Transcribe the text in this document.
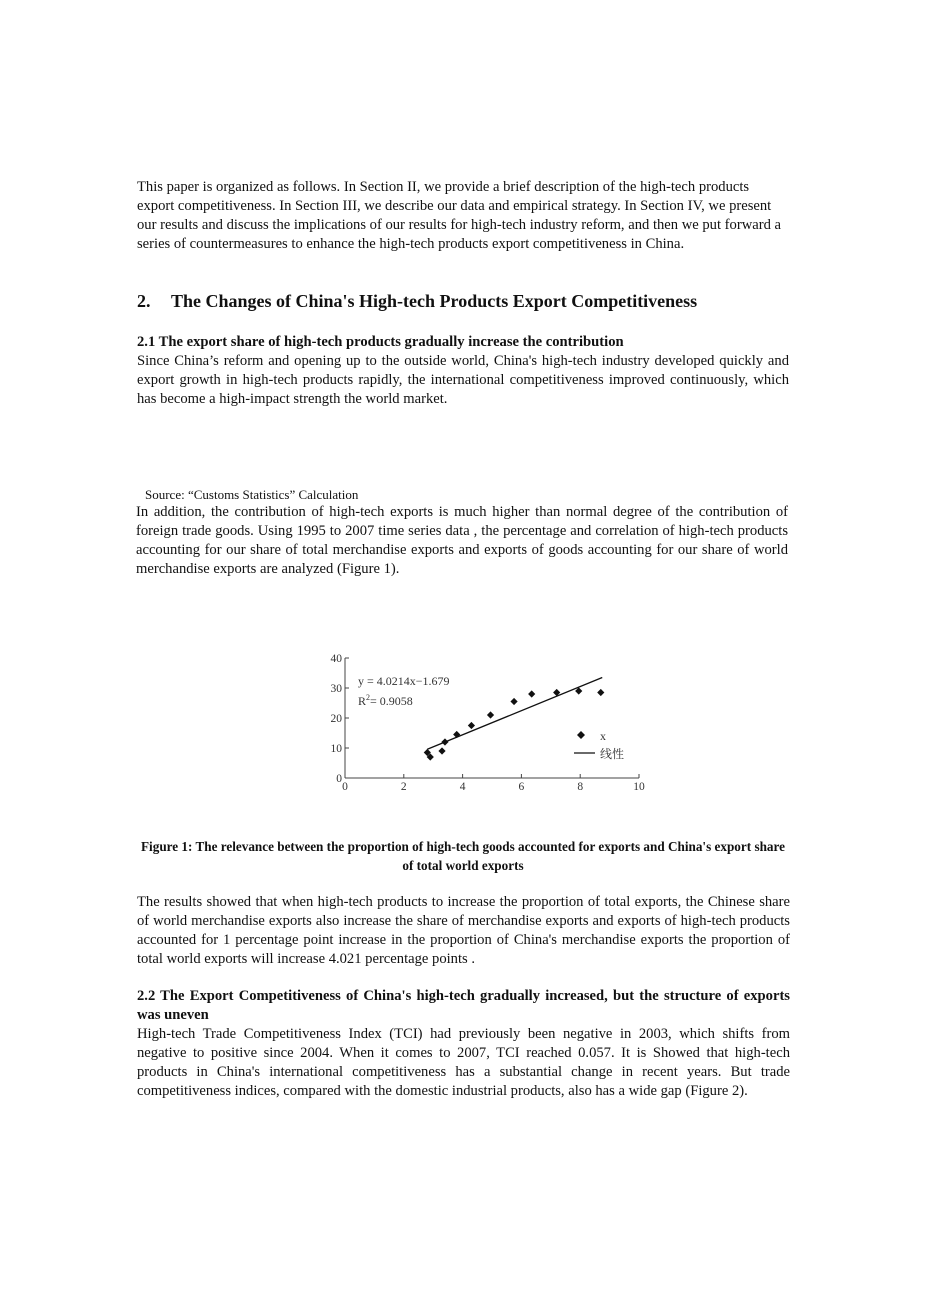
This paper is organized as follows. In Section II, we provide a brief description of the high-tech products export competitiveness. In Section III, we describe our data and empirical strategy. In Section IV, we present our results and discuss the implications of our results for high-tech industry reform, and then we put forward a series of countermeasures to enhance the high-tech products export competitiveness in China.

2. The Changes of China's High-tech Products Export Competitiveness
2.1 The export share of high-tech products gradually increase the contribution

Since China’s reform and opening up to the outside world, China's high-tech industry developed quickly and export growth in high-tech products rapidly, the international competitiveness improved continuously, which has become a high-impact strength the world market.

Source: “Customs Statistics” Calculation

In addition, the contribution of high-tech exports is much higher than normal degree of the contribution of foreign trade goods. Using 1995 to 2007 time series data , the percentage and correlation of high-tech products accounting for our share of total merchandise exports and exports of goods accounting for our share of world merchandise exports are analyzed (Figure 1).

0	2	4	6	8	10
0
10
20
30
40
y = 4.0214x−1.679
$R^2= 0.9058$
x
线性

Figure 1: The relevance between the proportion of high-tech goods accounted for exports and China's export share of total world exports

The results showed that when high-tech products to increase the proportion of total exports, the Chinese share of world merchandise exports also increase the share of merchandise exports and exports of high-tech products accounted for 1 percentage point increase in the proportion of China's merchandise exports the proportion of total world exports will increase 4.021 percentage points .

2.2 The Export Competitiveness of China's high-tech gradually increased, but the structure of exports was uneven

High-tech Trade Competitiveness Index (TCI) had previously been negative in 2003, which shifts from negative to positive since 2004. When it comes to 2007, TCI reached 0.057. It is Showed that high-tech products in China's international competitiveness has a substantial change in recent years. But trade competitiveness indices, compared with the domestic industrial products, also has a wide gap (Figure 2).
